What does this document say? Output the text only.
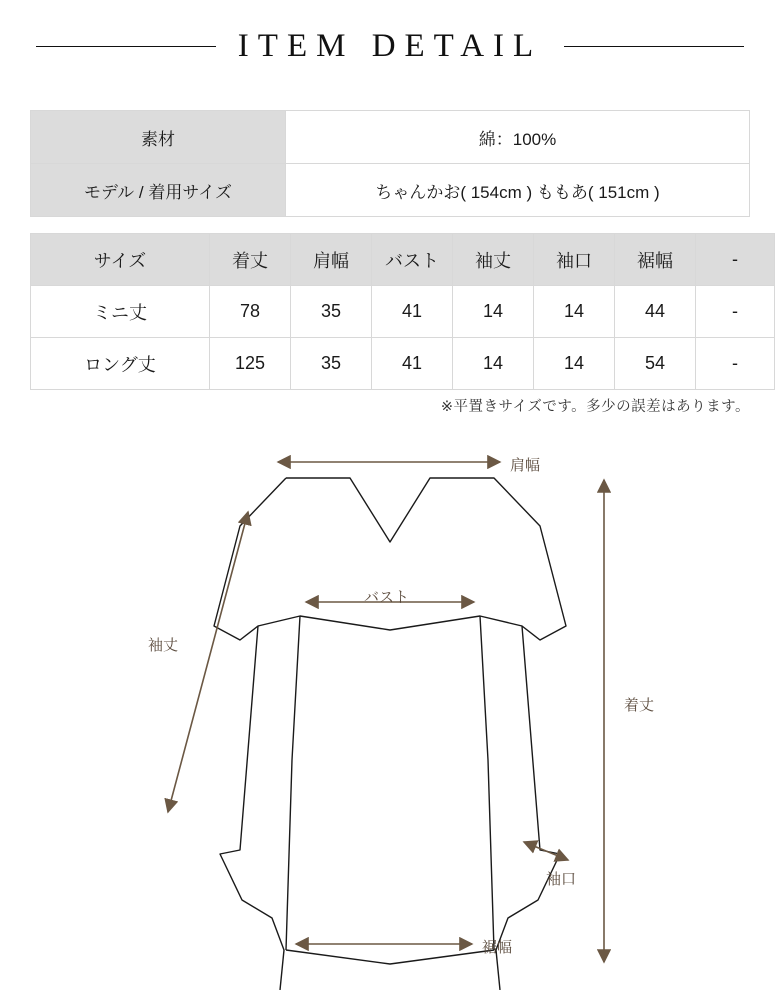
ITEM DETAIL
素材	綿：100%
モデル / 着用サイズ	ちゃんかお( 154cm ) ももあ( 151cm )
サイズ	着丈	肩幅	バスト	袖丈	袖口	裾幅	-
ミニ丈	78	35	41	14	14	44	-
ロング丈	125	35	41	14	14	54	-
※平置きサイズです。多少の誤差はあります。
肩幅
バスト
袖丈
袖口
着丈
裾幅
